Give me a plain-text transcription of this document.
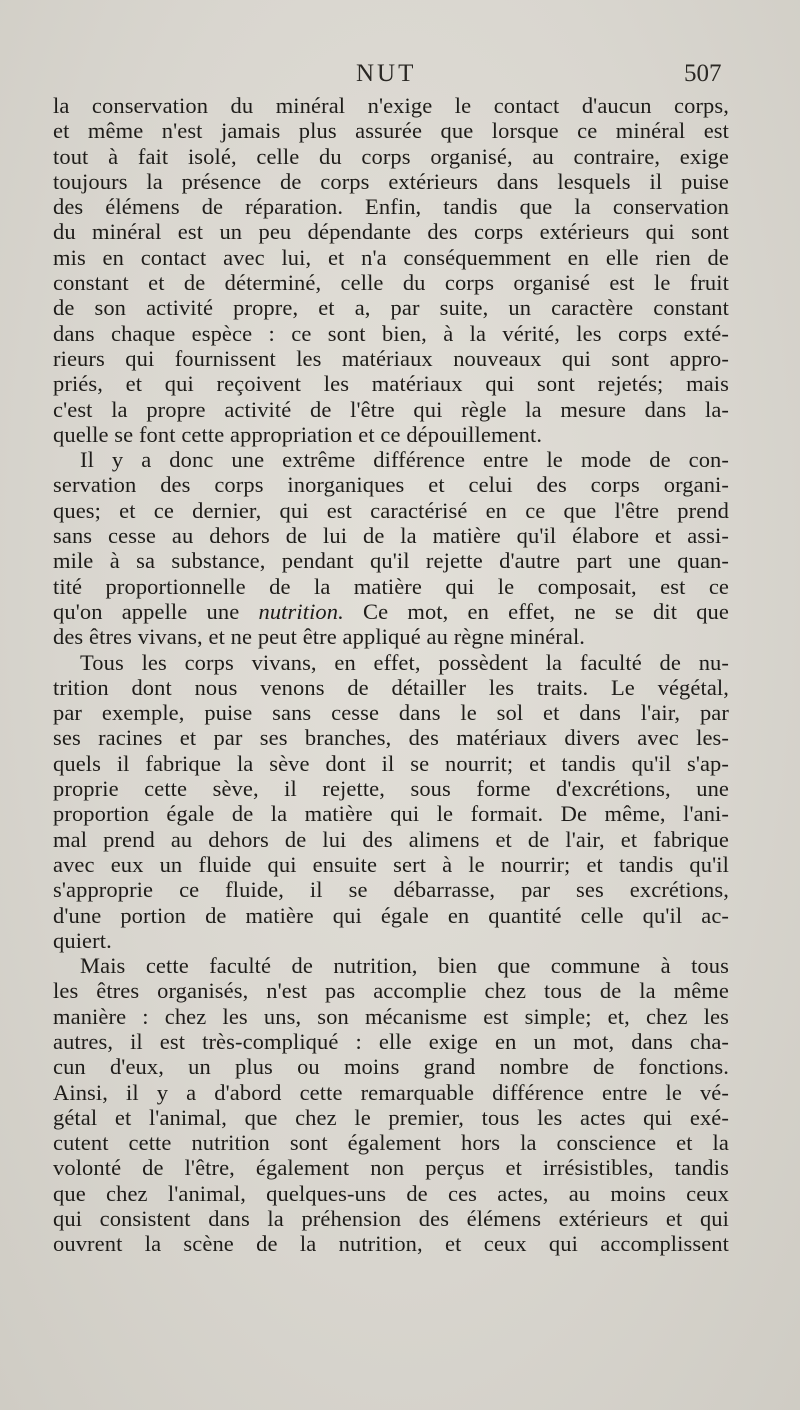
NUT	507
la conservation du minéral n'exige le contact d'aucun corps,
et même n'est jamais plus assurée que lorsque ce minéral est
tout à fait isolé, celle du corps organisé, au contraire, exige
toujours la présence de corps extérieurs dans lesquels il puise
des élémens de réparation. Enfin, tandis que la conservation
du minéral est un peu dépendante des corps extérieurs qui sont
mis en contact avec lui, et n'a conséquemment en elle rien de
constant et de déterminé, celle du corps organisé est le fruit
de son activité propre, et a, par suite, un caractère constant
dans chaque espèce : ce sont bien, à la vérité, les corps exté-
rieurs qui fournissent les matériaux nouveaux qui sont appro-
priés, et qui reçoivent les matériaux qui sont rejetés; mais
c'est la propre activité de l'être qui règle la mesure dans la-
quelle se font cette appropriation et ce dépouillement.
Il y a donc une extrême différence entre le mode de con-
servation des corps inorganiques et celui des corps organi-
ques; et ce dernier, qui est caractérisé en ce que l'être prend
sans cesse au dehors de lui de la matière qu'il élabore et assi-
mile à sa substance, pendant qu'il rejette d'autre part une quan-
tité proportionnelle de la matière qui le composait, est ce
qu'on appelle une nutrition. Ce mot, en effet, ne se dit que
des êtres vivans, et ne peut être appliqué au règne minéral.
Tous les corps vivans, en effet, possèdent la faculté de nu-
trition dont nous venons de détailler les traits. Le végétal,
par exemple, puise sans cesse dans le sol et dans l'air, par
ses racines et par ses branches, des matériaux divers avec les-
quels il fabrique la sève dont il se nourrit; et tandis qu'il s'ap-
proprie cette sève, il rejette, sous forme d'excrétions, une
proportion égale de la matière qui le formait. De même, l'ani-
mal prend au dehors de lui des alimens et de l'air, et fabrique
avec eux un fluide qui ensuite sert à le nourrir; et tandis qu'il
s'approprie ce fluide, il se débarrasse, par ses excrétions,
d'une portion de matière qui égale en quantité celle qu'il ac-
quiert.
Mais cette faculté de nutrition, bien que commune à tous
les êtres organisés, n'est pas accomplie chez tous de la même
manière : chez les uns, son mécanisme est simple; et, chez les
autres, il est très-compliqué : elle exige en un mot, dans cha-
cun d'eux, un plus ou moins grand nombre de fonctions.
Ainsi, il y a d'abord cette remarquable différence entre le vé-
gétal et l'animal, que chez le premier, tous les actes qui exé-
cutent cette nutrition sont également hors la conscience et la
volonté de l'être, également non perçus et irrésistibles, tandis
que chez l'animal, quelques-uns de ces actes, au moins ceux
qui consistent dans la préhension des élémens extérieurs et qui
ouvrent la scène de la nutrition, et ceux qui accomplissent
